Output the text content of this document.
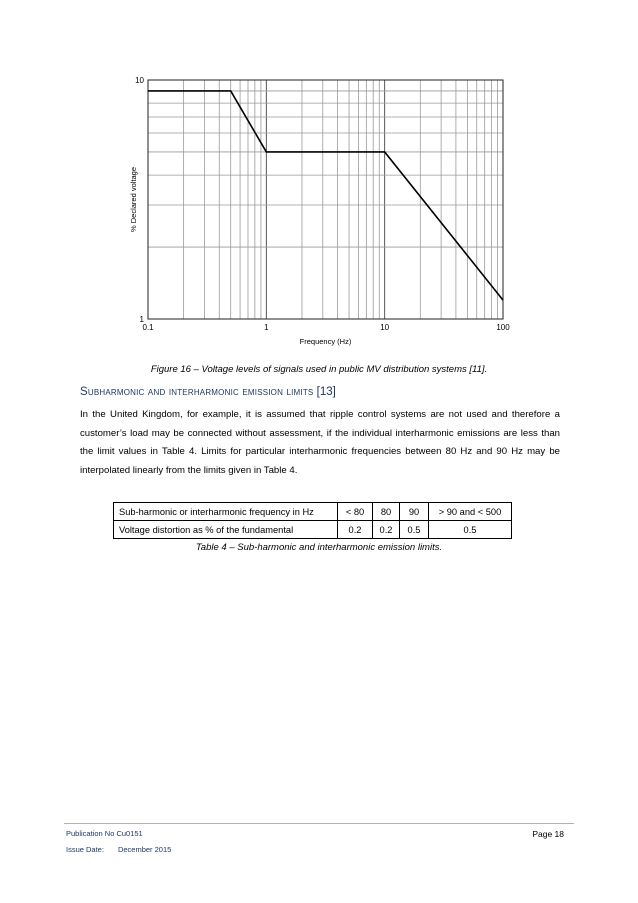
0.1	1	10	100
1
10
Frequency (Hz)
% Declared voltage
Figure 16 – Voltage levels of signals used in public MV distribution systems [11].
Subharmonic and interharmonic emission limits [13]
In the United Kingdom, for example, it is assumed that ripple control systems are not used and therefore a customer’s load may be connected without assessment, if the individual interharmonic emissions are less than the limit values in Table 4. Limits for particular interharmonic frequencies between 80 Hz and 90 Hz may be interpolated linearly from the limits given in Table 4.
Sub-harmonic or interharmonic frequency in Hz	< 80	80	90	> 90 and < 500
Voltage distortion as % of the fundamental	0.2	0.2	0.5	0.5
Table 4 – Sub-harmonic and interharmonic emission limits.
Publication No Cu0151
Issue Date: December 2015
Page 18
